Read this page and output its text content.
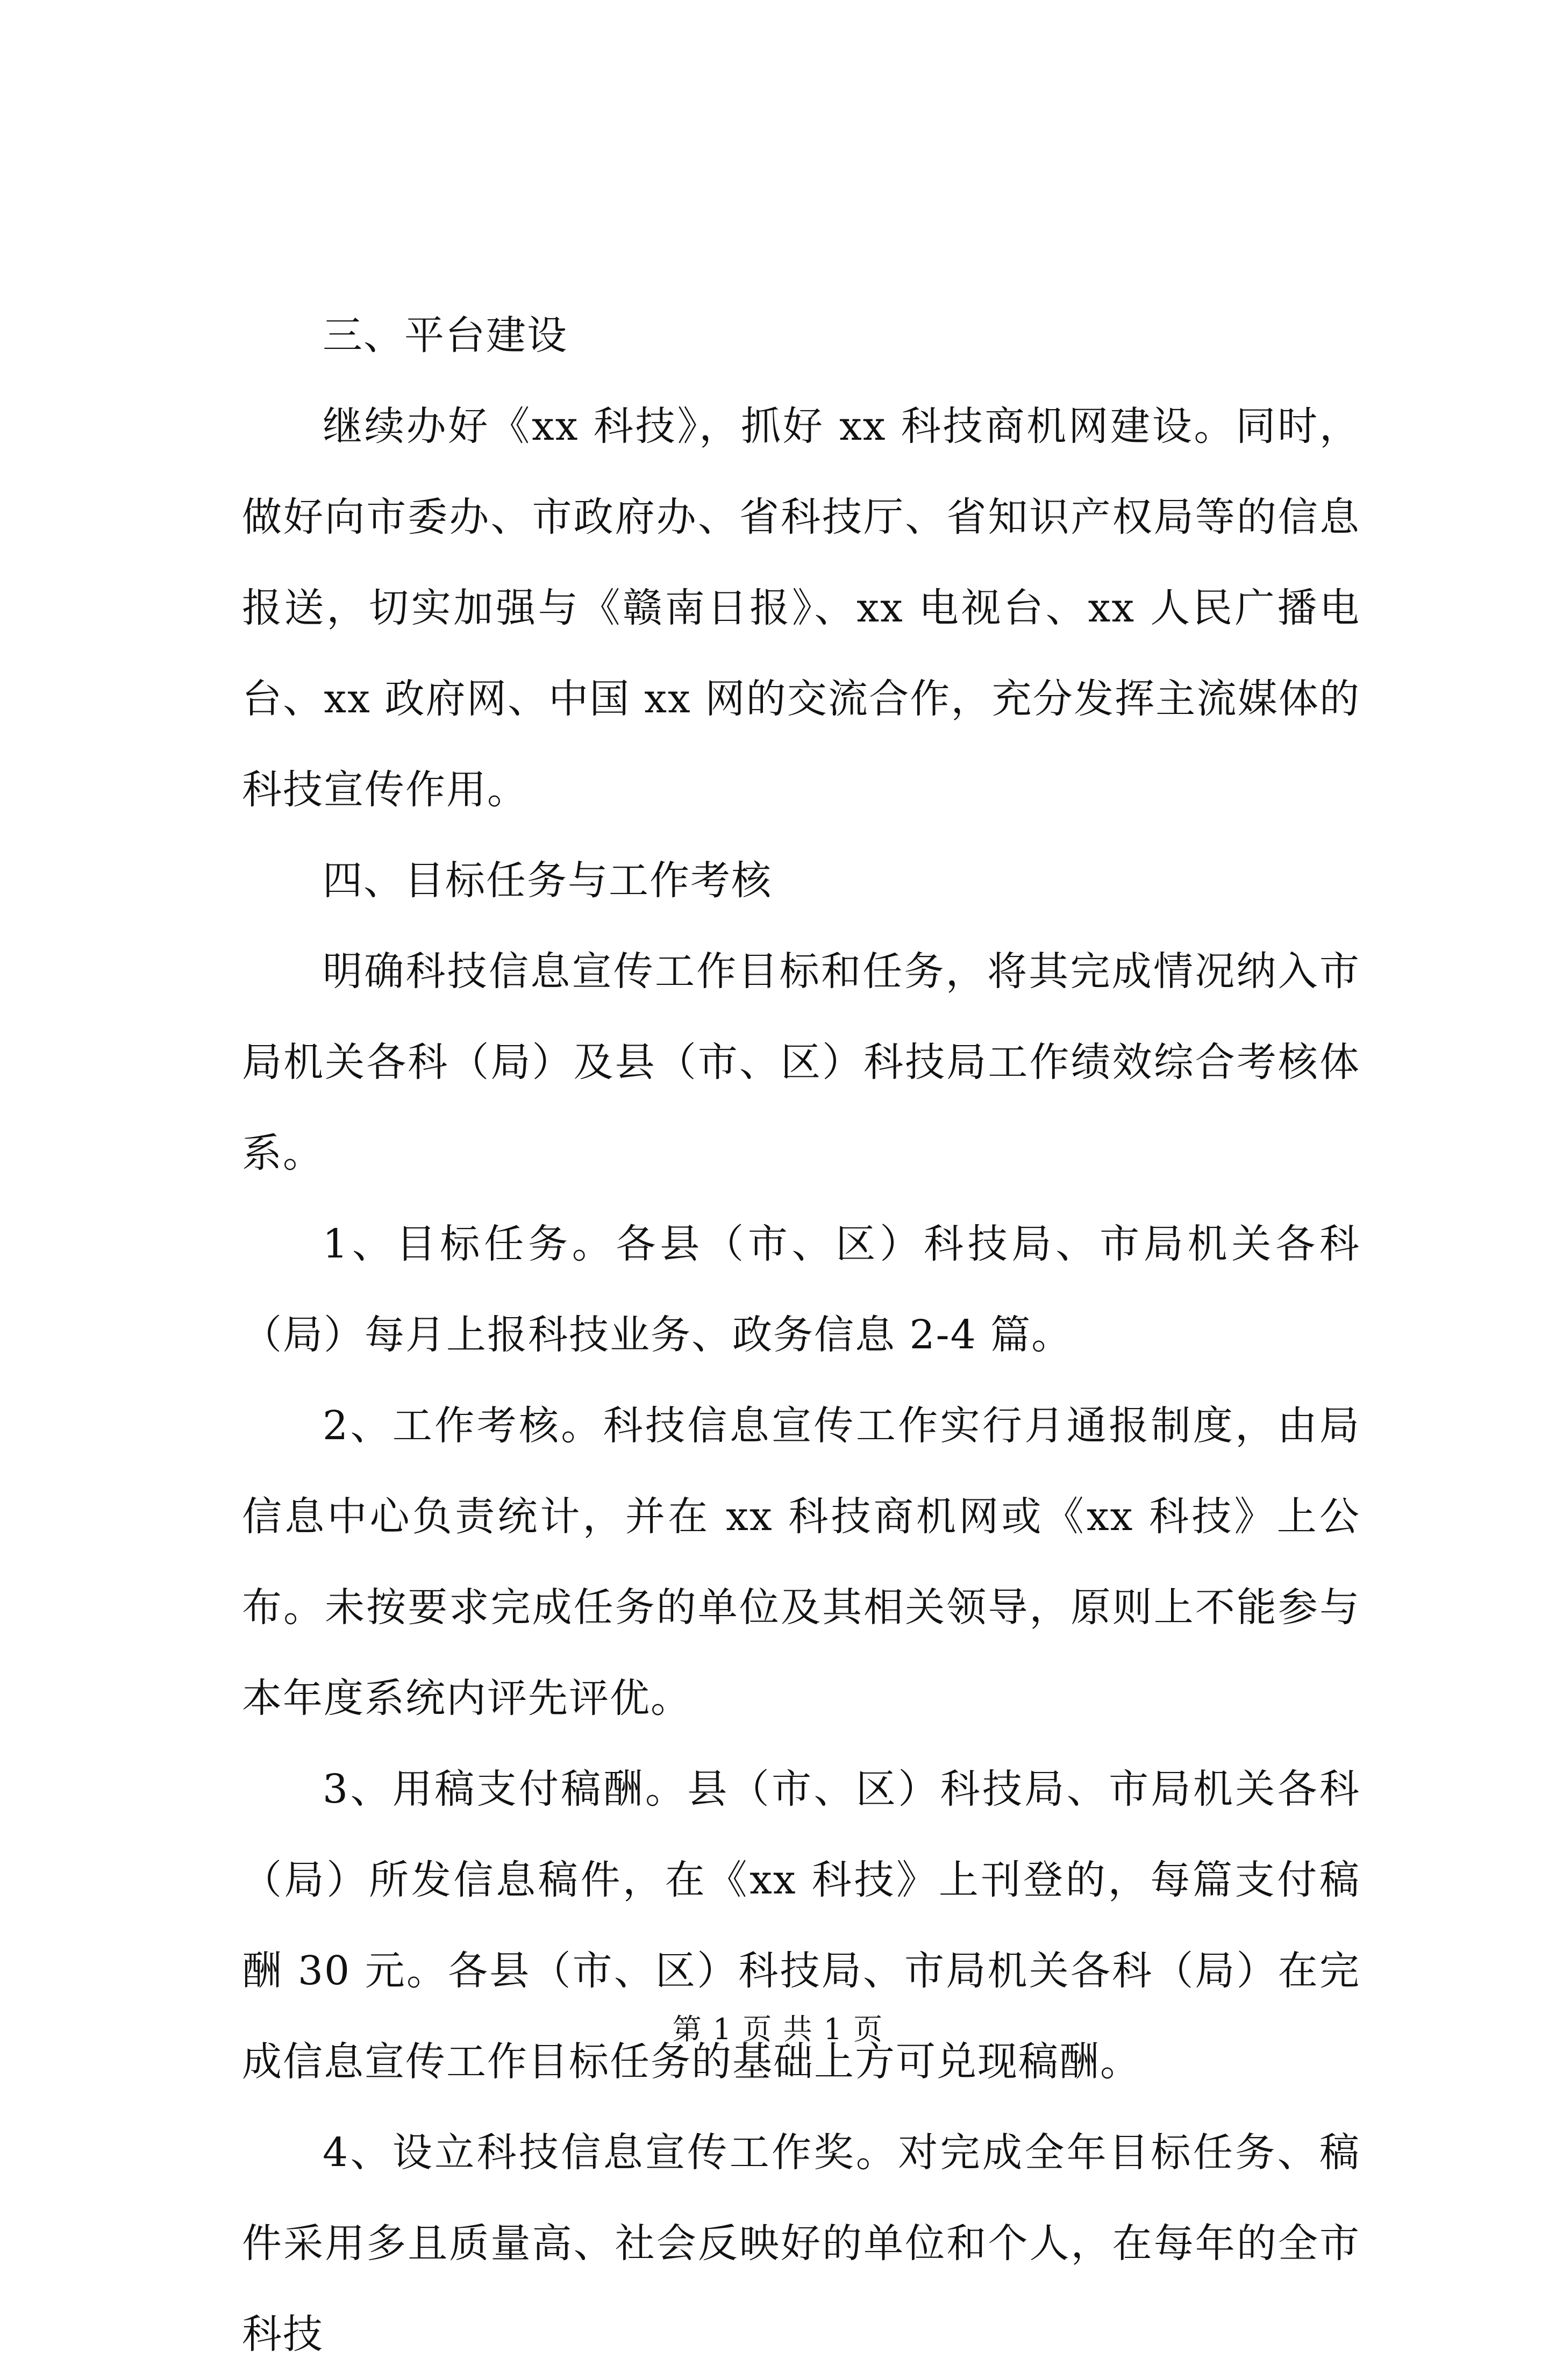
三、平台建设

继续办好《xx 科技》，抓好 xx 科技商机网建设。同时，做好向市委办、市政府办、省科技厅、省知识产权局等的信息报送，切实加强与《赣南日报》、xx 电视台、xx 人民广播电台、xx 政府网、中国 xx 网的交流合作，充分发挥主流媒体的科技宣传作用。

四、目标任务与工作考核

明确科技信息宣传工作目标和任务，将其完成情况纳入市局机关各科（局）及县（市、区）科技局工作绩效综合考核体系。

1、目标任务。各县（市、区）科技局、市局机关各科（局）每月上报科技业务、政务信息 2-4 篇。

2、工作考核。科技信息宣传工作实行月通报制度，由局信息中心负责统计，并在 xx 科技商机网或《xx 科技》上公布。未按要求完成任务的单位及其相关领导，原则上不能参与本年度系统内评先评优。

3、用稿支付稿酬。县（市、区）科技局、市局机关各科（局）所发信息稿件，在《xx 科技》上刊登的，每篇支付稿酬 30 元。各县（市、区）科技局、市局机关各科（局）在完成信息宣传工作目标任务的基础上方可兑现稿酬。

4、设立科技信息宣传工作奖。对完成全年目标任务、稿件采用多且质量高、社会反映好的单位和个人，在每年的全市科技

第 1 页 共 1 页
